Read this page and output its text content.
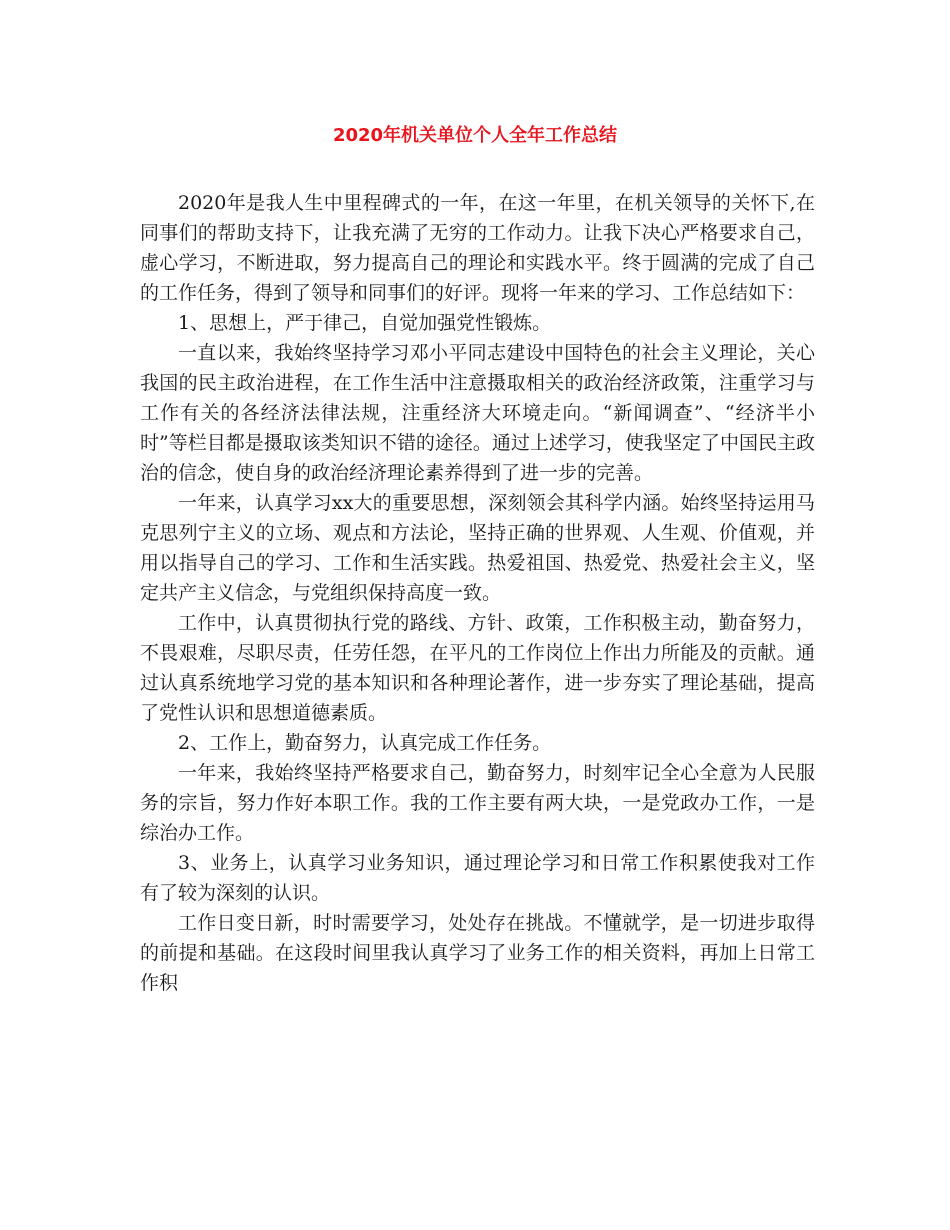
2020年机关单位个人全年工作总结

2020年是我人生中里程碑式的一年，在这一年里，在机关领导的关怀下,在同事们的帮助支持下，让我充满了无穷的工作动力。让我下决心严格要求自己，虚心学习，不断进取，努力提高自己的理论和实践水平。终于圆满的完成了自己的工作任务，得到了领导和同事们的好评。现将一年来的学习、工作总结如下：

1、思想上，严于律己，自觉加强党性锻炼。

一直以来，我始终坚持学习邓小平同志建设中国特色的社会主义理论，关心我国的民主政治进程，在工作生活中注意摄取相关的政治经济政策，注重学习与工作有关的各经济法律法规，注重经济大环境走向。“新闻调查”、“经济半小时”等栏目都是摄取该类知识不错的途径。通过上述学习，使我坚定了中国民主政治的信念，使自身的政治经济理论素养得到了进一步的完善。

一年来，认真学习xx大的重要思想，深刻领会其科学内涵。始终坚持运用马克思列宁主义的立场、观点和方法论，坚持正确的世界观、人生观、价值观，并用以指导自己的学习、工作和生活实践。热爱祖国、热爱党、热爱社会主义，坚定共产主义信念，与党组织保持高度一致。

工作中，认真贯彻执行党的路线、方针、政策，工作积极主动，勤奋努力，不畏艰难，尽职尽责，任劳任怨，在平凡的工作岗位上作出力所能及的贡献。通过认真系统地学习党的基本知识和各种理论著作，进一步夯实了理论基础，提高了党性认识和思想道德素质。

2、工作上，勤奋努力，认真完成工作任务。

一年来，我始终坚持严格要求自己，勤奋努力，时刻牢记全心全意为人民服务的宗旨，努力作好本职工作。我的工作主要有两大块，一是党政办工作，一是综治办工作。

3、业务上，认真学习业务知识，通过理论学习和日常工作积累使我对工作有了较为深刻的认识。

工作日变日新，时时需要学习，处处存在挑战。不懂就学，是一切进步取得的前提和基础。在这段时间里我认真学习了业务工作的相关资料，再加上日常工作积
